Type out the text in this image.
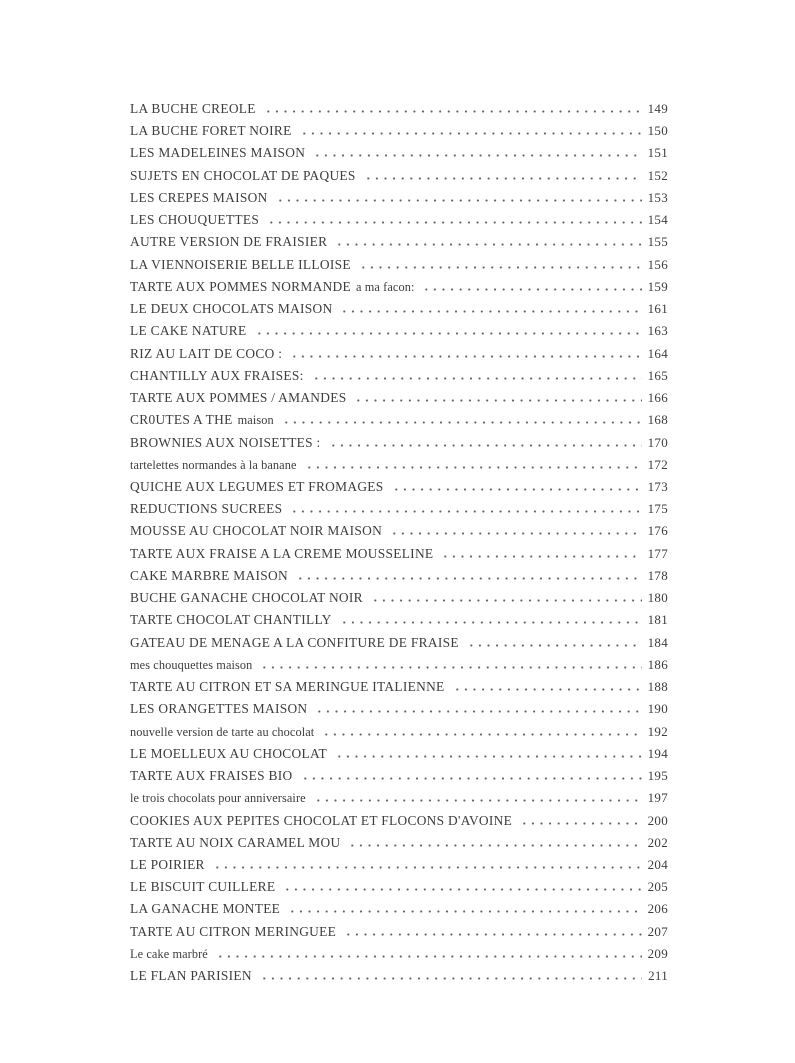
LA BUCHE CREOLE	149
LA BUCHE FORET NOIRE	150
LES MADELEINES MAISON	151
SUJETS EN CHOCOLAT DE PAQUES	152
LES CREPES MAISON	153
LES CHOUQUETTES	154
AUTRE VERSION DE FRAISIER	155
LA VIENNOISERIE BELLE ILLOISE	156
TARTE AUX POMMES NORMANDE a ma facon:	159
LE DEUX CHOCOLATS MAISON	161
LE CAKE NATURE	163
RIZ AU LAIT DE COCO :	164
CHANTILLY AUX FRAISES:	165
TARTE AUX POMMES / AMANDES	166
CR0UTES A THE maison	168
BROWNIES AUX NOISETTES :	170
tartelettes normandes à la banane	172
QUICHE AUX LEGUMES ET FROMAGES	173
REDUCTIONS SUCREES	175
MOUSSE AU CHOCOLAT NOIR MAISON	176
TARTE AUX FRAISE A LA CREME MOUSSELINE	177
CAKE MARBRE MAISON	178
BUCHE GANACHE CHOCOLAT NOIR	180
TARTE CHOCOLAT CHANTILLY	181
GATEAU DE MENAGE A LA CONFITURE DE FRAISE	184
mes chouquettes maison	186
TARTE AU CITRON ET SA MERINGUE ITALIENNE	188
LES ORANGETTES MAISON	190
nouvelle version de tarte au chocolat	192
LE MOELLEUX AU CHOCOLAT	194
TARTE AUX FRAISES BIO	195
le trois chocolats pour anniversaire	197
COOKIES AUX PEPITES CHOCOLAT ET FLOCONS D'AVOINE	200
TARTE AU NOIX CARAMEL MOU	202
LE POIRIER	204
LE BISCUIT CUILLERE	205
LA GANACHE MONTEE	206
TARTE AU CITRON MERINGUEE	207
Le cake marbré	209
LE FLAN PARISIEN	211
